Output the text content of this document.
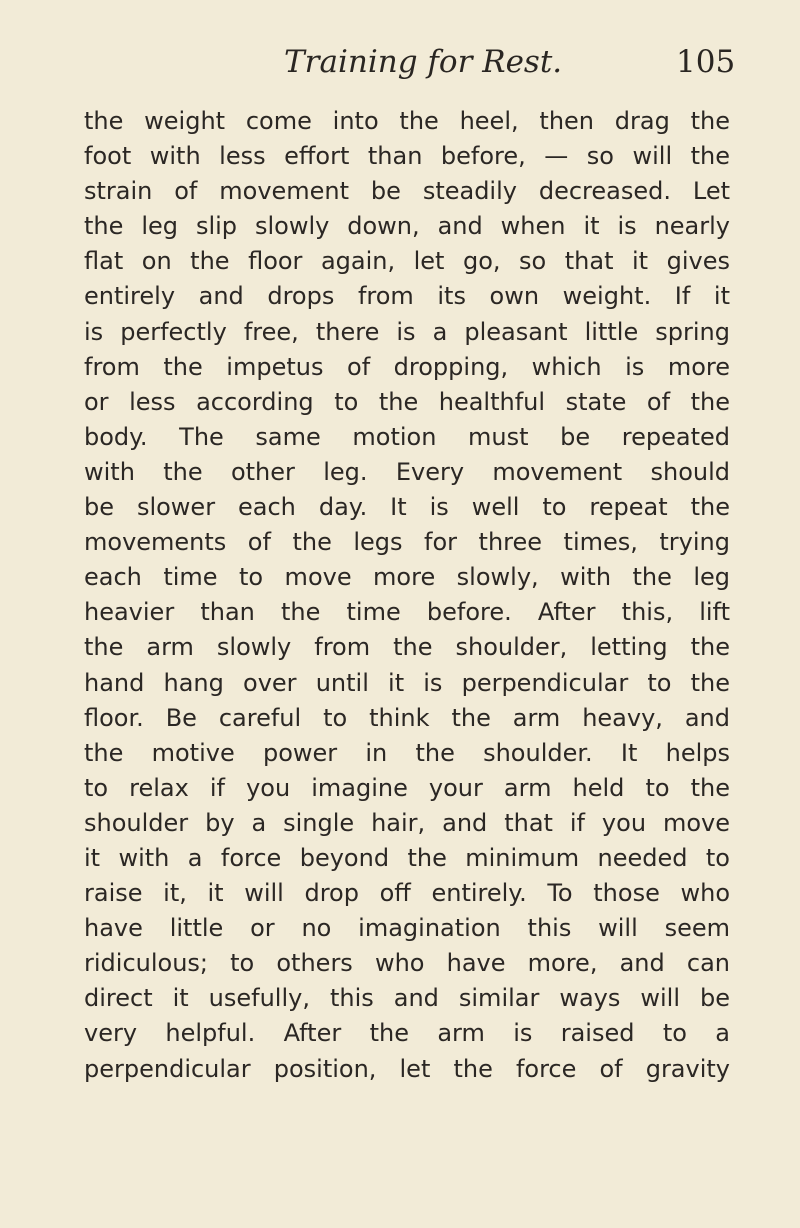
Training for Rest.	105
the weight come into the heel, then drag the
foot with less effort than before, — so will the
strain of movement be steadily decreased. Let
the leg slip slowly down, and when it is nearly
flat on the floor again, let go, so that it gives
entirely and drops from its own weight. If it
is perfectly free, there is a pleasant little spring
from the impetus of dropping, which is more
or less according to the healthful state of the
body. The same motion must be repeated
with the other leg. Every movement should
be slower each day. It is well to repeat the
movements of the legs for three times, trying
each time to move more slowly, with the leg
heavier than the time before. After this, lift
the arm slowly from the shoulder, letting the
hand hang over until it is perpendicular to the
floor. Be careful to think the arm heavy, and
the motive power in the shoulder. It helps
to relax if you imagine your arm held to the
shoulder by a single hair, and that if you move
it with a force beyond the minimum needed to
raise it, it will drop off entirely. To those who
have little or no imagination this will seem
ridiculous; to others who have more, and can
direct it usefully, this and similar ways will be
very helpful. After the arm is raised to a
perpendicular position, let the force of gravity
